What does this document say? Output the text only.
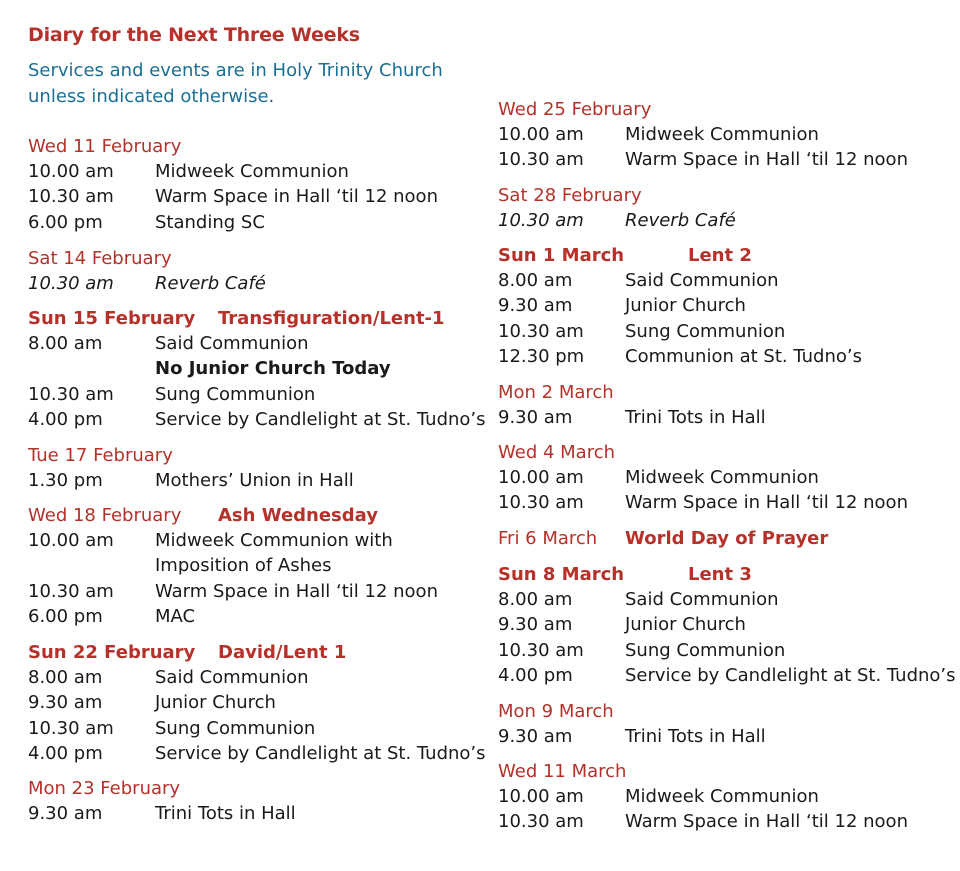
Diary for the Next Three Weeks
Services and events are in Holy Trinity Church unless indicated otherwise.
Wed 11 February
10.00 am Midweek Communion
10.30 am Warm Space in Hall ‘til 12 noon
6.00 pm	Standing SC
Sat 14 February
10.30 am Reverb Café
Sun 15 February Transfiguration/Lent-1
8.00 am	Said Communion
No Junior Church Today
10.30 am Sung Communion
4.00 pm	Service by Candlelight at St. Tudno’s
Tue 17 February
1.30 pm	Mothers’ Union in Hall
Wed 18 February Ash Wednesday
10.00 am Midweek Communion with
Imposition of Ashes
10.30 am Warm Space in Hall ‘til 12 noon
6.00 pm	MAC
Sun 22 February David/Lent 1
8.00 am	Said Communion
9.30 am	Junior Church
10.30 am Sung Communion
4.00 pm	Service by Candlelight at St. Tudno’s
Mon 23 February
9.30 am	Trini Tots in Hall
Wed 25 February
10.00 am Midweek Communion
10.30 am Warm Space in Hall ‘til 12 noon
Sat 28 February
10.30 am Reverb Café
Sun 1 March	Lent 2
8.00 am	Said Communion
9.30 am	Junior Church
10.30 am Sung Communion
12.30 pm Communion at St. Tudno’s
Mon 2 March
9.30 am	Trini Tots in Hall
Wed 4 March
10.00 am Midweek Communion
10.30 am Warm Space in Hall ‘til 12 noon
Fri 6 March World Day of Prayer
Sun 8 March	Lent 3
8.00 am	Said Communion
9.30 am	Junior Church
10.30 am Sung Communion
4.00 pm	Service by Candlelight at St. Tudno’s
Mon 9 March
9.30 am	Trini Tots in Hall
Wed 11 March
10.00 am Midweek Communion
10.30 am Warm Space in Hall ‘til 12 noon
